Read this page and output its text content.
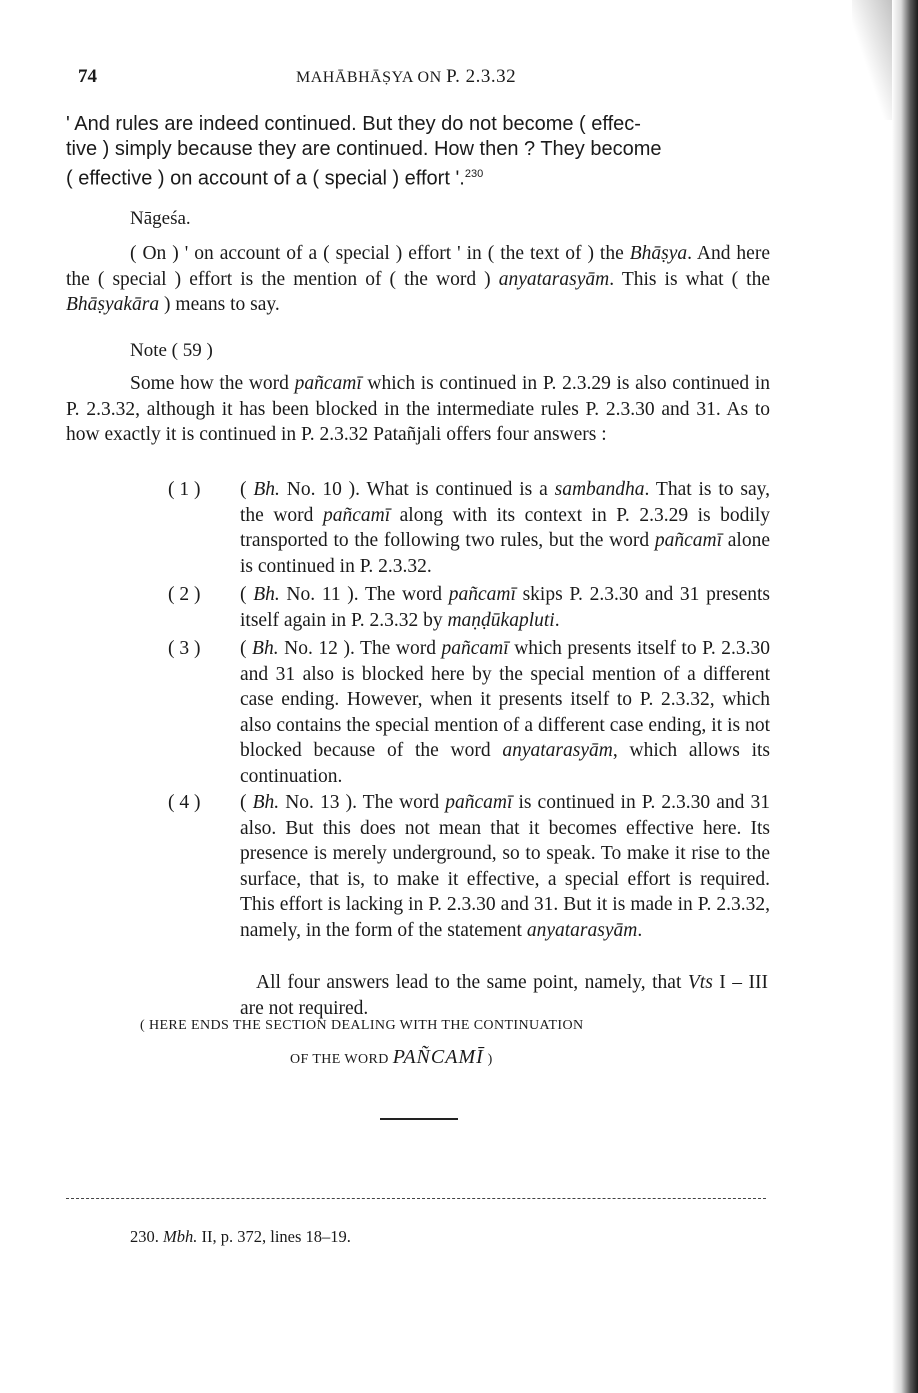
74	MAHĀBHĀṢYA ON P. 2.3.32
' And rules are indeed continued. But they do not become ( effec-
tive ) simply because they are continued. How then ? They become
( effective ) on account of a ( special ) effort '.$^{230}$
Nāgeśa.
( On ) ' on account of a ( special ) effort ' in ( the text of ) the Bhāṣya. And here the ( special ) effort is the mention of ( the word ) anyatarasyām. This is what ( the Bhāṣyakāra ) means to say.
Note ( 59 )
Some how the word pañcamī which is continued in P. 2.3.29 is also continued in P. 2.3.32, although it has been blocked in the intermediate rules P. 2.3.30 and 31. As to how exactly it is continued in P. 2.3.32 Patañjali offers four answers :
( 1 ) ( Bh. No. 10 ). What is continued is a sambandha. That is to say, the word pañcamī along with its context in P. 2.3.29 is bodily transported to the following two rules, but the word pañcamī alone is continued in P. 2.3.32.
( 2 ) ( Bh. No. 11 ). The word pañcamī skips P. 2.3.30 and 31 presents itself again in P. 2.3.32 by maṇḍūkapluti.
( 3 ) ( Bh. No. 12 ). The word pañcamī which presents itself to P. 2.3.30 and 31 also is blocked here by the special mention of a different case ending. However, when it presents itself to P. 2.3.32, which also contains the special mention of a different case ending, it is not blocked because of the word anyatarasyām, which allows its continuation.
( 4 ) ( Bh. No. 13 ). The word pañcamī is continued in P. 2.3.30 and 31 also. But this does not mean that it becomes effective here. Its presence is merely underground, so to speak. To make it rise to the surface, that is, to make it effective, a special effort is required. This effort is lacking in P. 2.3.30 and 31. But it is made in P. 2.3.32, namely, in the form of the statement anyatarasyām.
All four answers lead to the same point, namely, that Vts I – III are not required.
( HERE ENDS THE SECTION DEALING WITH THE CONTINUATION
OF THE WORD PAÑCAMĪ )
230. Mbh. II, p. 372, lines 18–19.
